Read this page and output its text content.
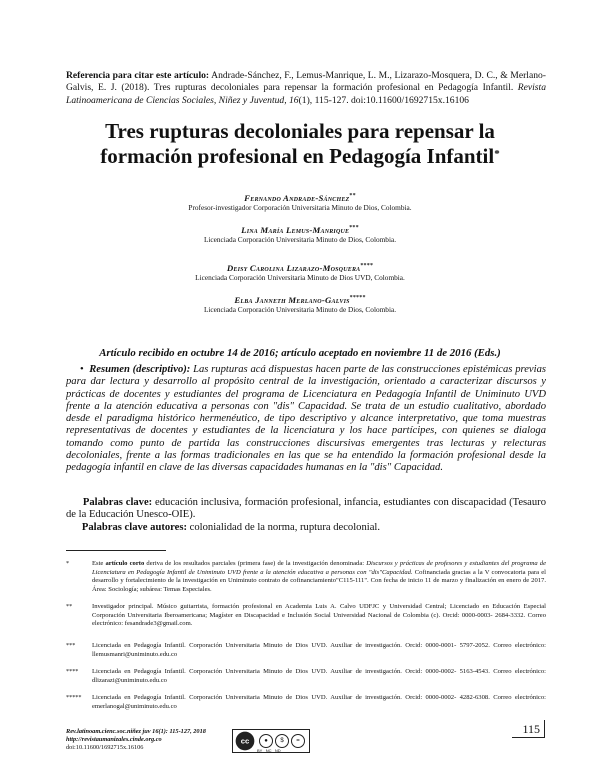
Referencia para citar este artículo: Andrade-Sánchez, F., Lemus-Manrique, L. M., Lizarazo-Mosquera, D. C., & Merlano-Galvis, E. J. (2018). Tres rupturas decoloniales para repensar la formación profesional en Pedagogía Infantil. Revista Latinoamericana de Ciencias Sociales, Niñez y Juventud, 16(1), 115-127. doi:10.11600/1692715x.16106
Tres rupturas decoloniales para repensar la formación profesional en Pedagogía Infantil*
Fernando Andrade-Sánchez**
Profesor-investigador Corporación Universitaria Minuto de Dios, Colombia.
Lina María Lemus-Manrique***
Licenciada Corporación Universitaria Minuto de Dios, Colombia.
Deisy Carolina Lizarazo-Mosquera****
Licenciada Corporación Universitaria Minuto de Dios UVD, Colombia.
Elba Janneth Merlano-Galvis*****
Licenciada Corporación Universitaria Minuto de Dios, Colombia.
Artículo recibido en octubre 14 de 2016; artículo aceptado en noviembre 11 de 2016 (Eds.)
• Resumen (descriptivo): Las rupturas acá dispuestas hacen parte de las construcciones epistémicas previas para dar lectura y desarrollo al propósito central de la investigación, orientado a caracterizar discursos y prácticas de docentes y estudiantes del programa de Licenciatura en Pedagogía Infantil de Uniminuto UVD frente a la atención educativa a personas con "dis" Capacidad. Se trata de un estudio cualitativo, abordado desde el paradigma histórico hermenéutico, de tipo descriptivo y alcance interpretativo, que toma muestras representativas de docentes y estudiantes de la licenciatura y los hace partícipes, con quienes se dialoga tomando como punto de partida las construcciones discursivas emergentes tras lecturas y relecturas decoloniales, frente a las formas tradicionales en las que se ha entendido la formación profesional desde la pedagogía infantil en clave de las diversas capacidades humanas en la "dis" Capacidad.
Palabras clave: educación inclusiva, formación profesional, infancia, estudiantes con discapacidad (Tesauro de la Educación Unesco-OIE).
Palabras clave autores: colonialidad de la norma, ruptura decolonial.
*	Este artículo corto deriva de los resultados parciales (primera fase) de la investigación denominada: Discursos y prácticas de profesores y estudiantes del programa de Licenciatura en Pedagogía Infantil de Uniminuto UVD frente a la atención educativa a personas con "dis"Capacidad. Cofinanciada gracias a la V convocatoria para el desarrollo y fortalecimiento de la investigación en Uniminuto contrato de cofinanciamiento"C115-111". Con fecha de inicio 11 de marzo y finalización en enero de 2017. Área: Sociología; subárea: Temas Especiales.
**	Investigador principal. Músico guitarrista, formación profesional en Academia Luis A. Calvo UDFJC y Universidad Central; Licenciado en Educación Especial Corporación Universitaria Iberoamericana; Magíster en Discapacidad e Inclusión Social Universidad Nacional de Colombia (c). Orcid: 0000-0003- 2684-3332. Correo electrónico: fesandrade3@gmail.com.
***	Licenciada en Pedagogía Infantil. Corporación Universitaria Minuto de Dios UVD. Auxiliar de investigación. Orcid: 0000-0001- 5797-2052. Correo electrónico: llemusmanri@uniminuto.edu.co
****	Licenciada en Pedagogía Infantil. Corporación Universitaria Minuto de Dios UVD. Auxiliar de investigación. Orcid: 0000-0002- 5163-4543. Correo electrónico: dlizarazi@uniminuto.edu.co
*****	Licenciada en Pedagogía Infantil. Corporación Universitaria Minuto de Dios UVD. Auxiliar de investigación. Orcid: 0000-0002- 4282-6308. Correo electrónico: emerlanogal@uniminuto.edu.co
Rev.latinoam.cienc.soc.niñez juv 16(1): 115-127, 2018
http://revistaumanizales.cinde.org.co
doi:10.11600/1692715x.16106
cc	●	$	=
BY NC ND
115
